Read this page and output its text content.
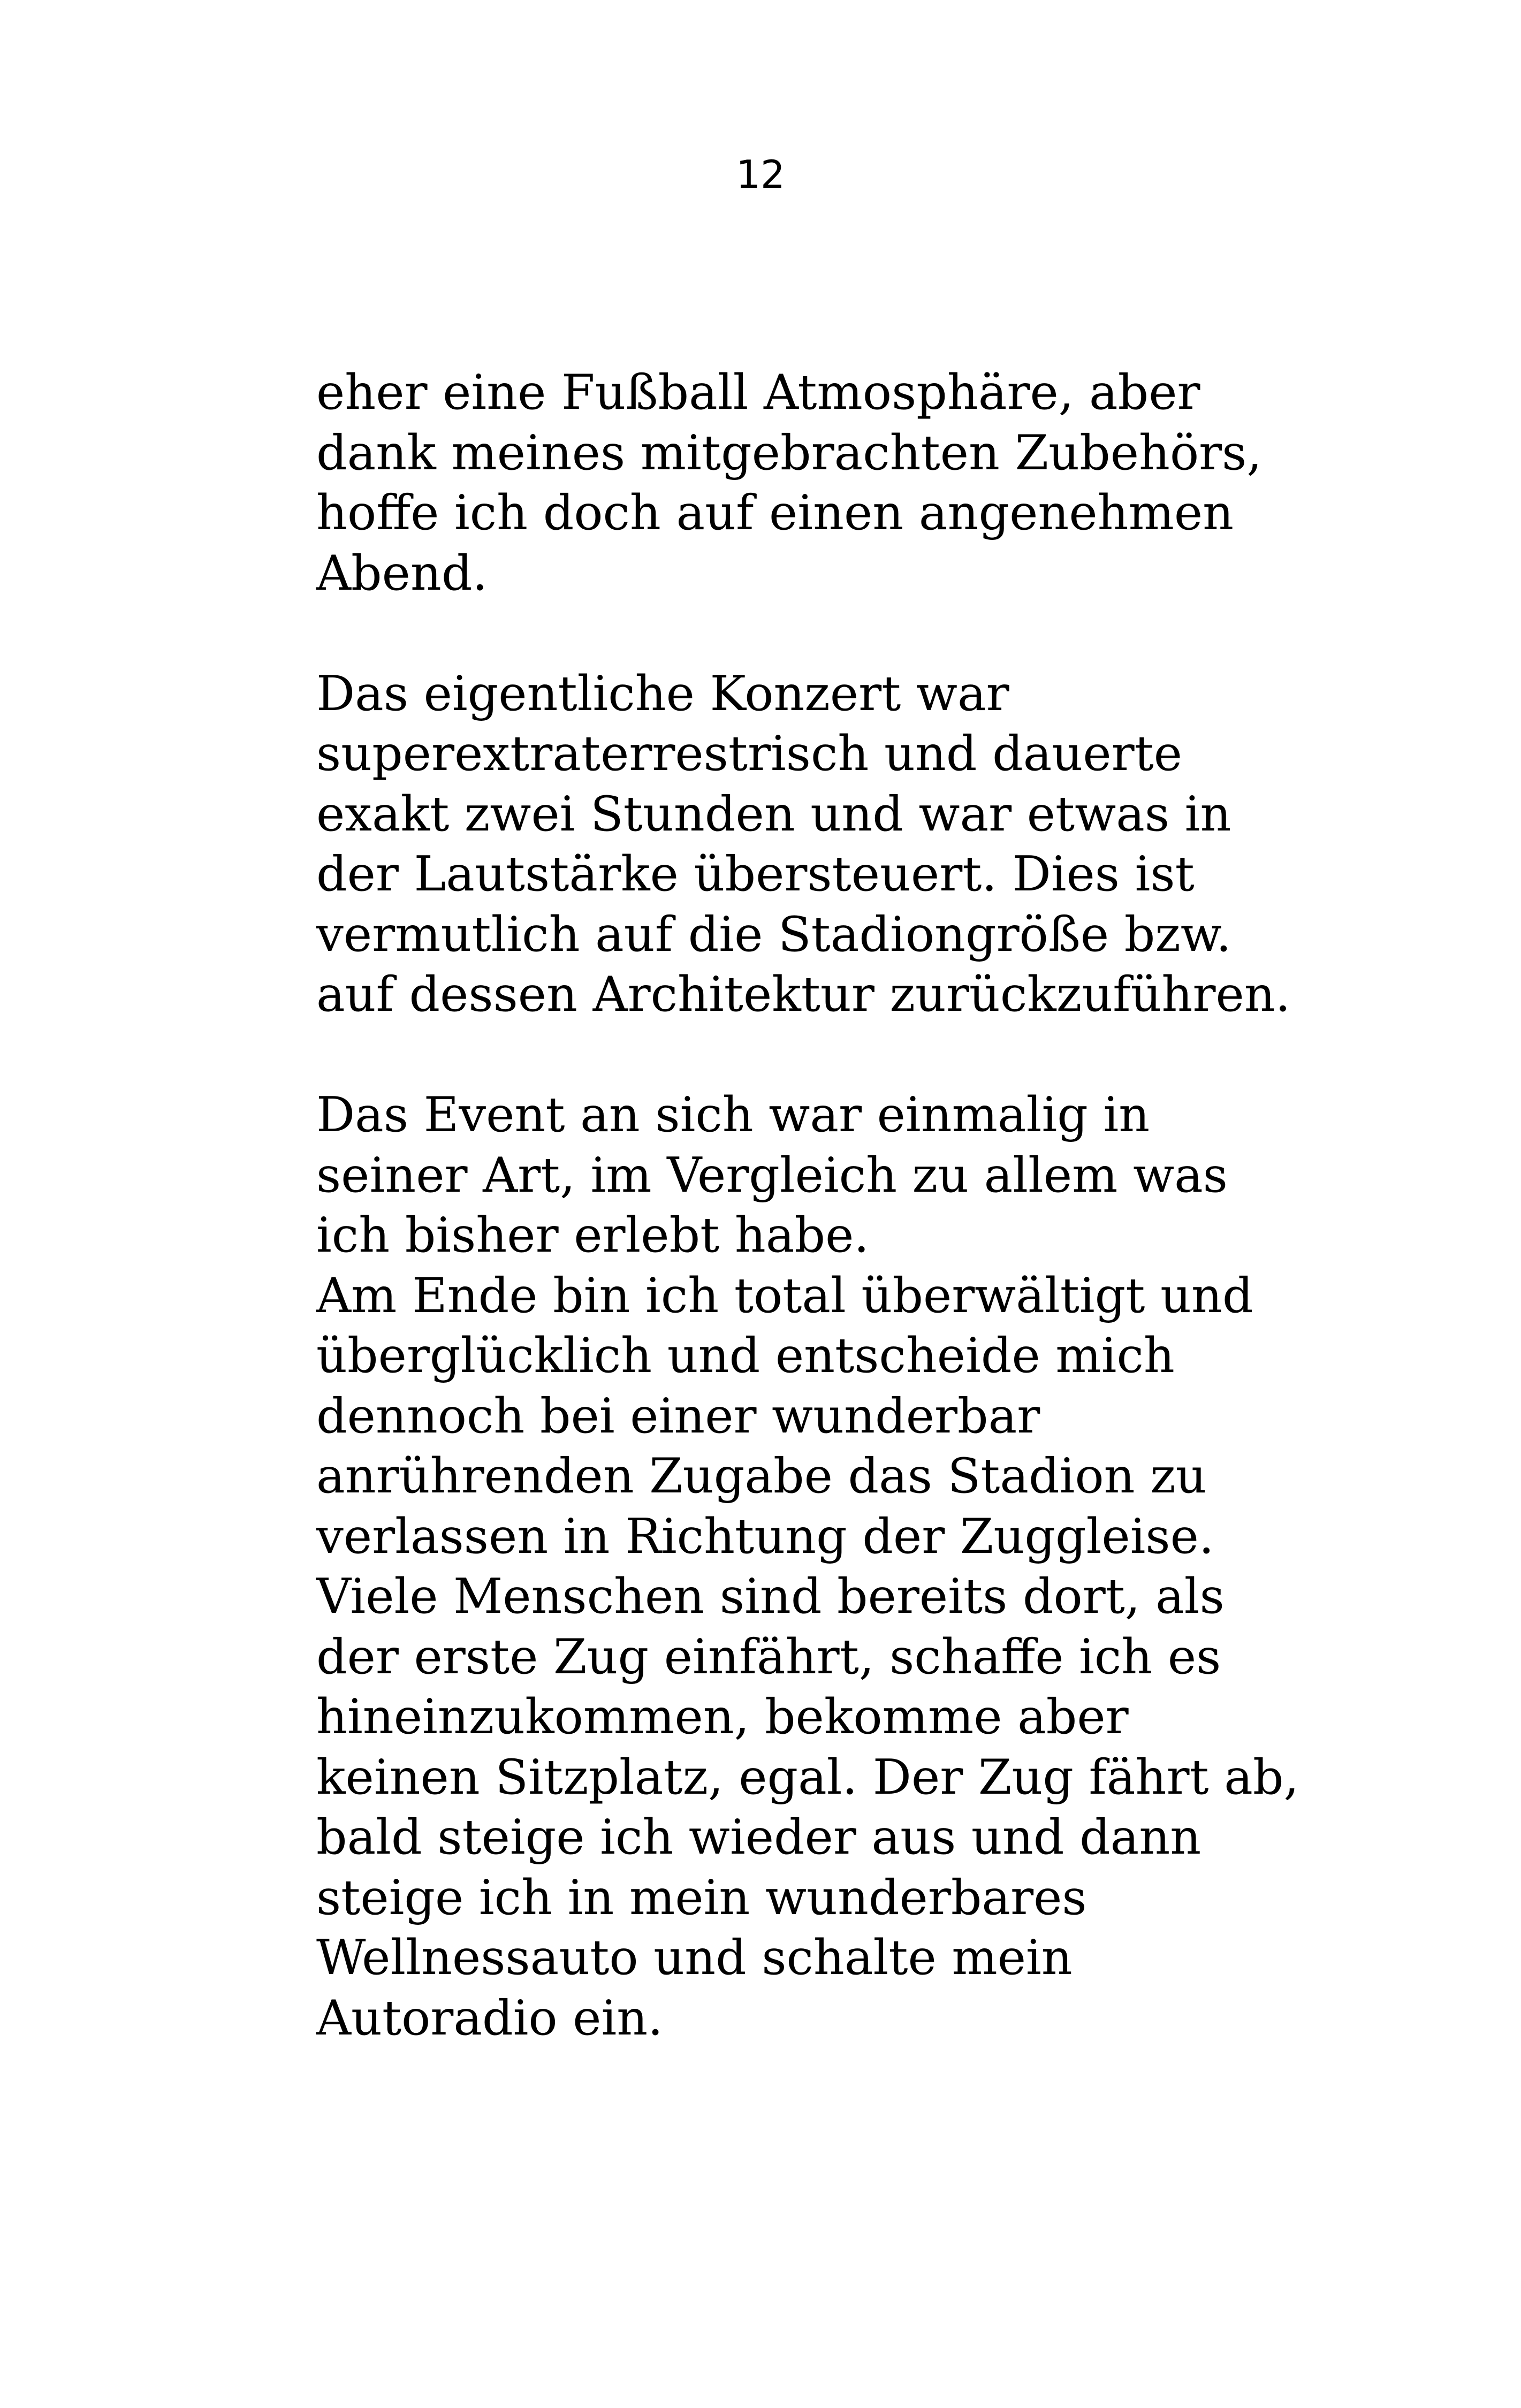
12

eher eine Fußball Atmosphäre, aber
dank meines mitgebrachten Zubehörs,
hoffe ich doch auf einen angenehmen
Abend.

Das eigentliche Konzert war
superextraterrestrisch und dauerte
exakt zwei Stunden und war etwas in
der Lautstärke übersteuert. Dies ist
vermutlich auf die Stadiongröße bzw.
auf dessen Architektur zurückzuführen.

Das Event an sich war einmalig in
seiner Art, im Vergleich zu allem was
ich bisher erlebt habe.

Am Ende bin ich total überwältigt und
überglücklich und entscheide mich
dennoch bei einer wunderbar
anrührenden Zugabe das Stadion zu
verlassen in Richtung der Zuggleise.
Viele Menschen sind bereits dort, als
der erste Zug einfährt, schaffe ich es
hineinzukommen, bekomme aber
keinen Sitzplatz, egal. Der Zug fährt ab,
bald steige ich wieder aus und dann
steige ich in mein wunderbares
Wellnessauto und schalte mein
Autoradio ein.
